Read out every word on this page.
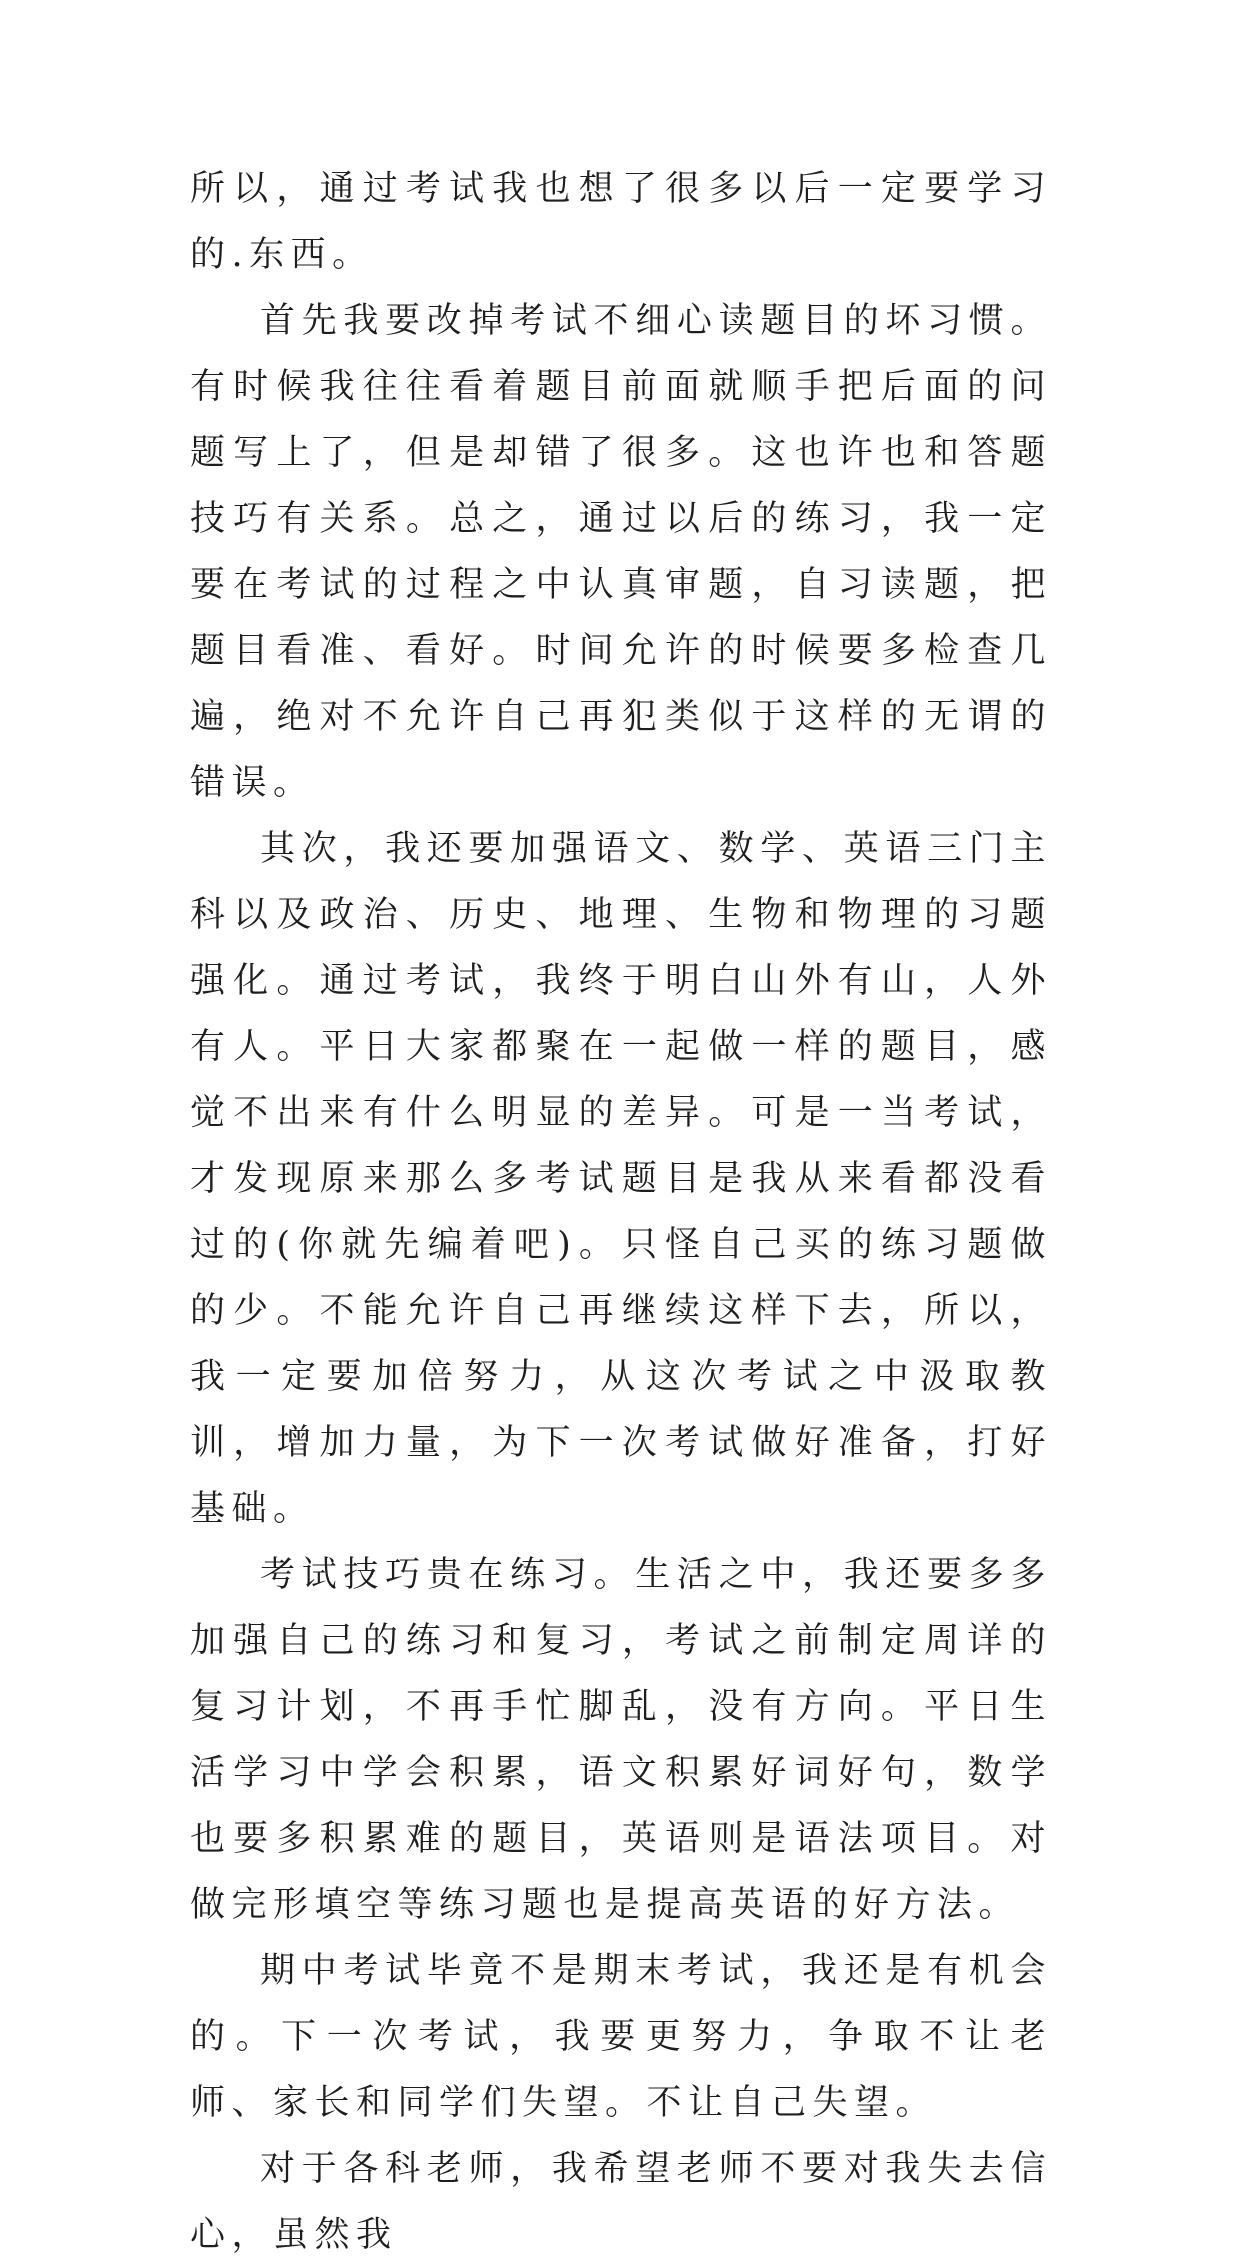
所以，通过考试我也想了很多以后一定要学习的.东西。

首先我要改掉考试不细心读题目的坏习惯。有时候我往往看着题目前面就顺手把后面的问题写上了，但是却错了很多。这也许也和答题技巧有关系。总之，通过以后的练习，我一定要在考试的过程之中认真审题，自习读题，把题目看准、看好。时间允许的时候要多检查几遍，绝对不允许自己再犯类似于这样的无谓的错误。

其次，我还要加强语文、数学、英语三门主科以及政治、历史、地理、生物和物理的习题强化。通过考试，我终于明白山外有山，人外有人。平日大家都聚在一起做一样的题目，感觉不出来有什么明显的差异。可是一当考试，才发现原来那么多考试题目是我从来看都没看过的(你就先编着吧)。只怪自己买的练习题做的少。不能允许自己再继续这样下去，所以，我一定要加倍努力，从这次考试之中汲取教训，增加力量，为下一次考试做好准备，打好基础。

考试技巧贵在练习。生活之中，我还要多多加强自己的练习和复习，考试之前制定周详的复习计划，不再手忙脚乱，没有方向。平日生活学习中学会积累，语文积累好词好句，数学也要多积累难的题目，英语则是语法项目。对做完形填空等练习题也是提高英语的好方法。

期中考试毕竟不是期末考试，我还是有机会的。下一次考试，我要更努力，争取不让老师、家长和同学们失望。不让自己失望。

对于各科老师，我希望老师不要对我失去信心，虽然我
